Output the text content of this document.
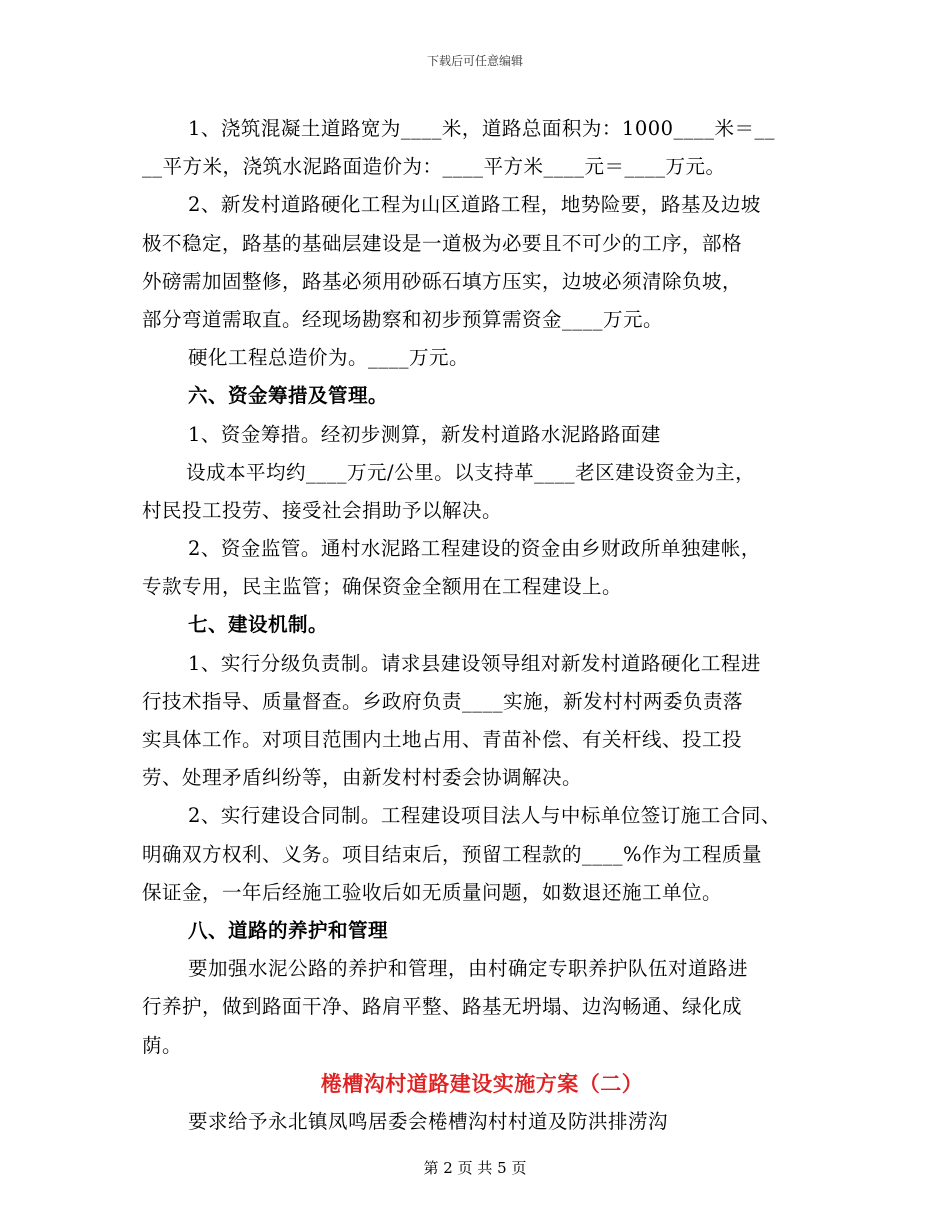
下载后可任意编辑
1、浇筑混凝土道路宽为____米，道路总面积为：1000____米＝__
__平方米，浇筑水泥路面造价为：____平方米____元＝____万元。
2、新发村道路硬化工程为山区道路工程，地势险要，路基及边坡
极不稳定，路基的基础层建设是一道极为必要且不可少的工序，部格
外磅需加固整修，路基必须用砂砾石填方压实，边坡必须清除负坡，
部分弯道需取直。经现场勘察和初步预算需资金____万元。
硬化工程总造价为。____万元。
六、资金筹措及管理。
1、资金筹措。经初步测算，新发村道路水泥路路面建
设成本平均约____万元/公里。以支持革____老区建设资金为主，
村民投工投劳、接受社会捐助予以解决。
2、资金监管。通村水泥路工程建设的资金由乡财政所单独建帐，
专款专用，民主监管；确保资金全额用在工程建设上。
七、建设机制。
1、实行分级负责制。请求县建设领导组对新发村道路硬化工程进
行技术指导、质量督查。乡政府负责____实施，新发村村两委负责落
实具体工作。对项目范围内土地占用、青苗补偿、有关杆线、投工投
劳、处理矛盾纠纷等，由新发村村委会协调解决。
2、实行建设合同制。工程建设项目法人与中标单位签订施工合同、
明确双方权利、义务。项目结束后，预留工程款的____%作为工程质量
保证金，一年后经施工验收后如无质量问题，如数退还施工单位。
八、道路的养护和管理
要加强水泥公路的养护和管理，由村确定专职养护队伍对道路进
行养护，做到路面干净、路肩平整、路基无坍塌、边沟畅通、绿化成
荫。
棬槽沟村道路建设实施方案（二）
要求给予永北镇凤鸣居委会棬槽沟村村道及防洪排涝沟
第 2 页 共 5 页
